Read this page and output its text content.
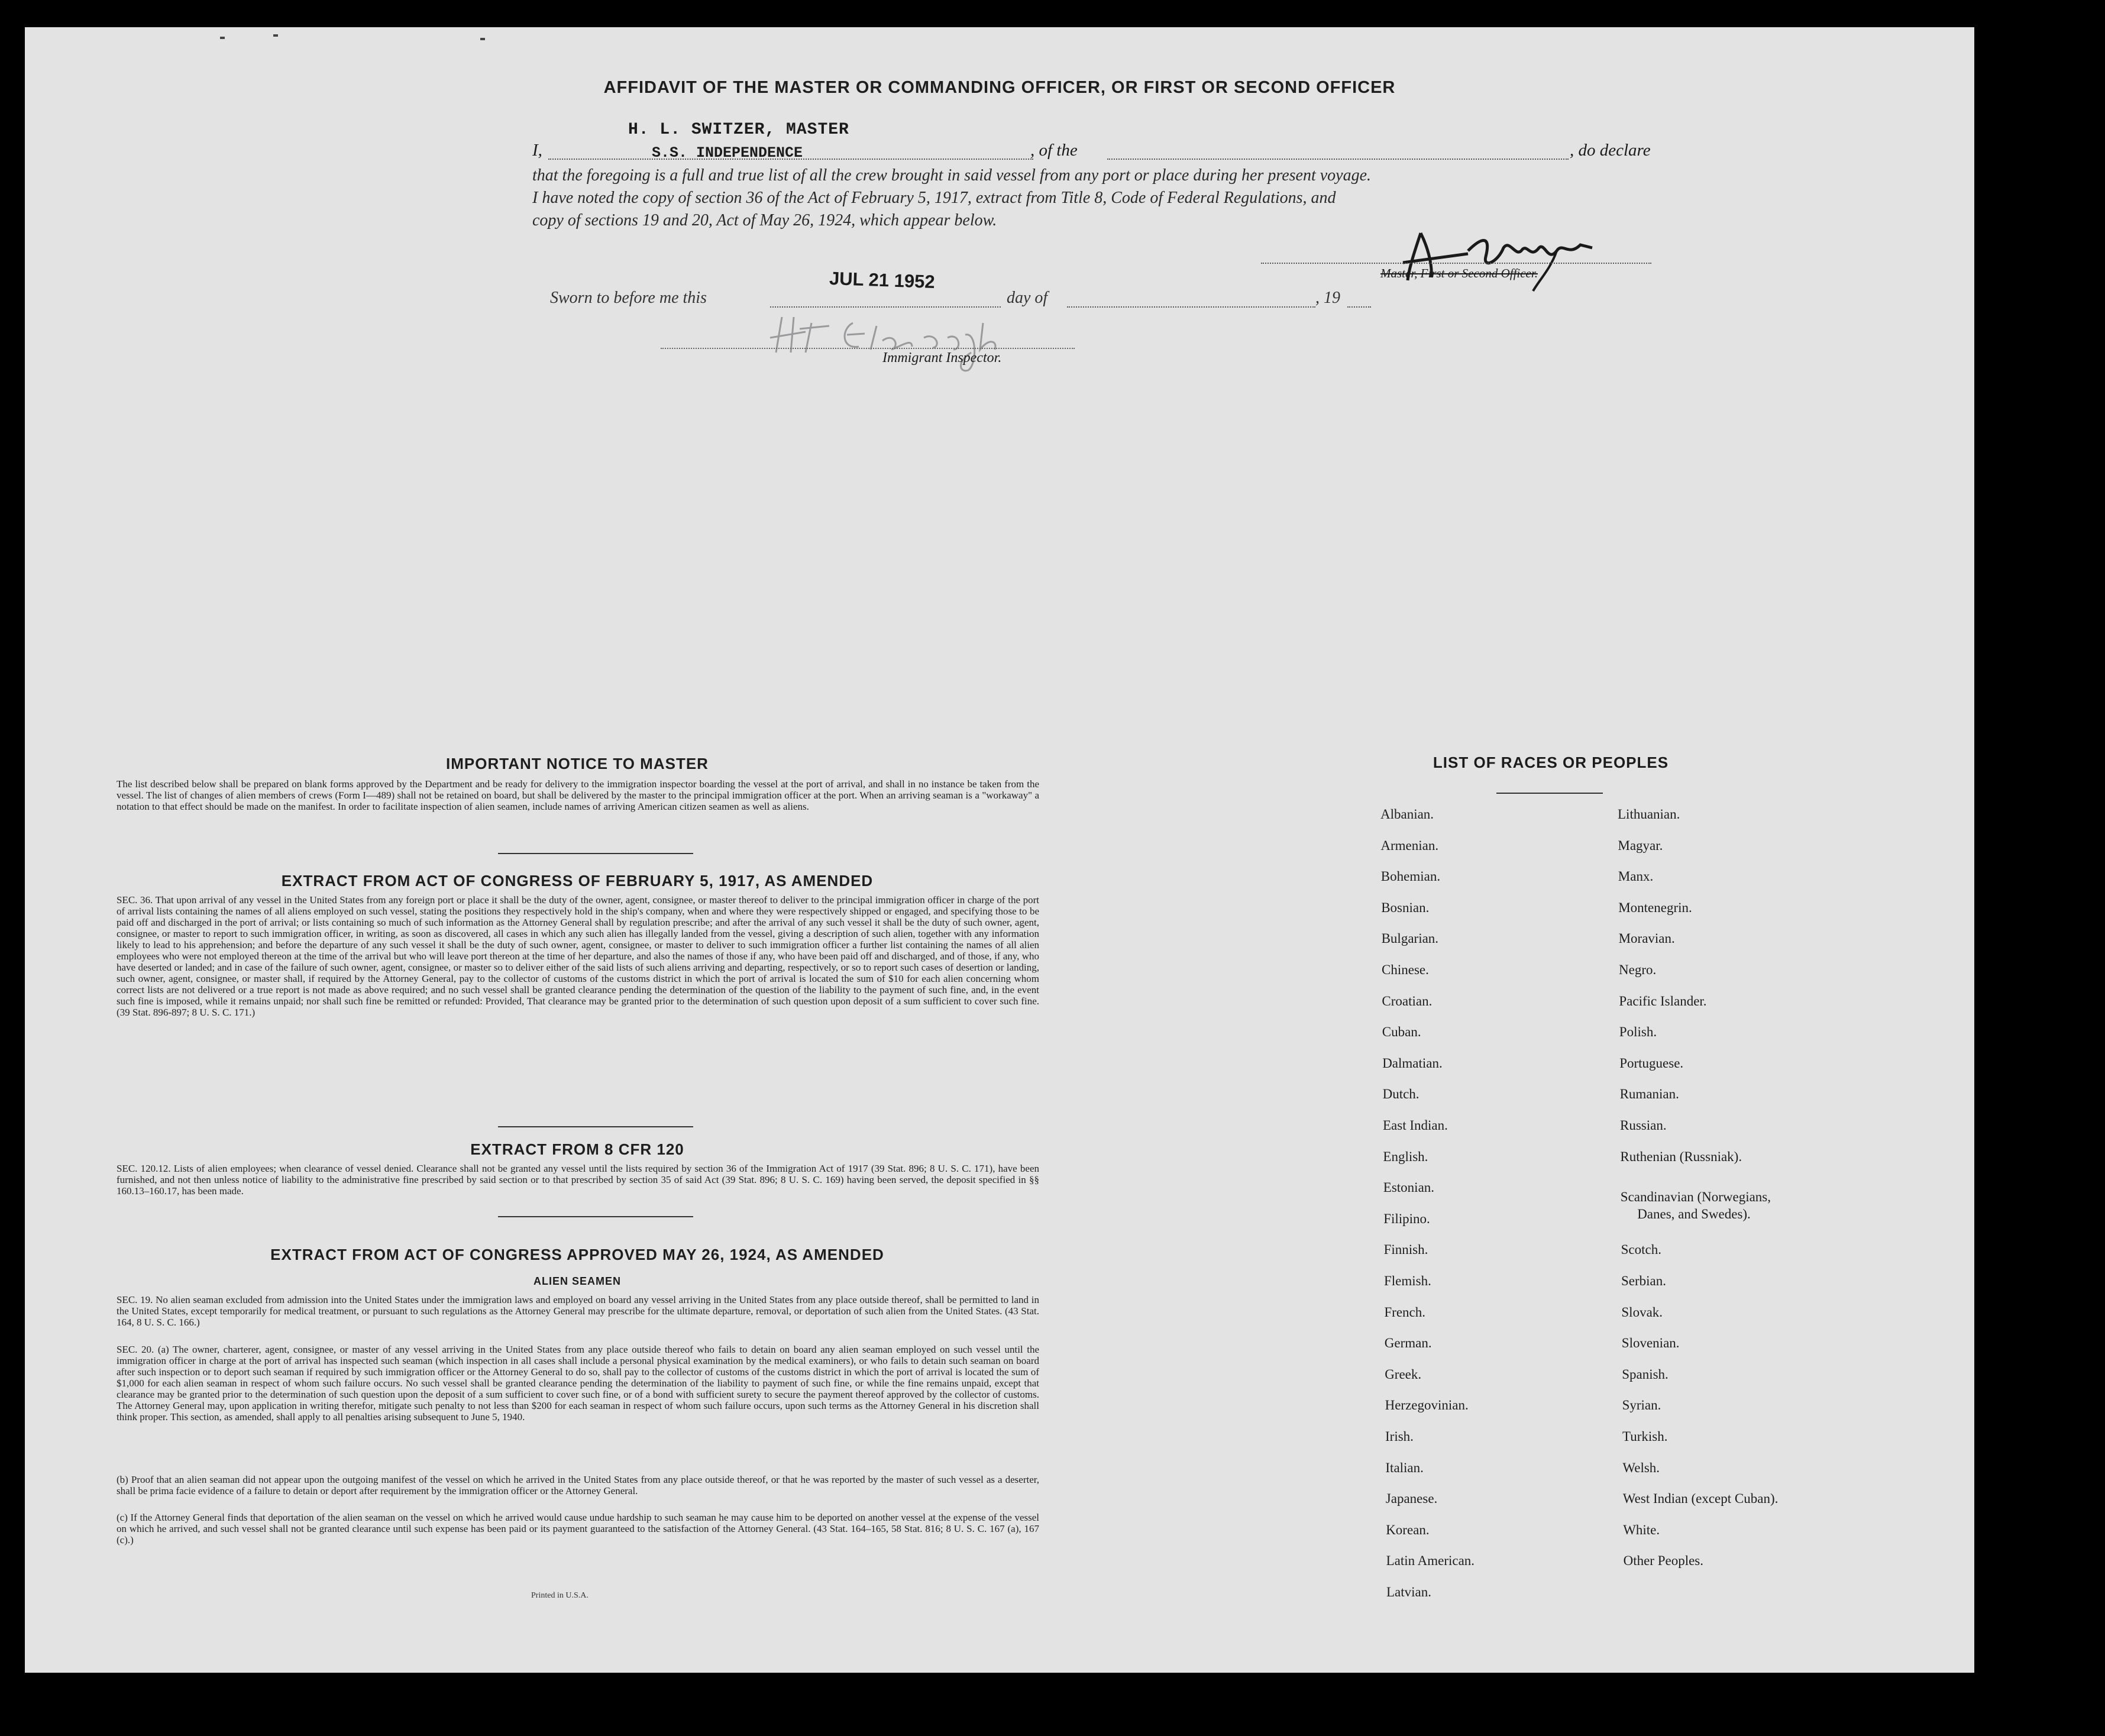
AFFIDAVIT OF THE MASTER OR COMMANDING OFFICER, OR FIRST OR SECOND OFFICER
H. L. SWITZER, MASTER
I,	S.S. INDEPENDENCE	, of the	, do declare
that the foregoing is a full and true list of all the crew brought in said vessel from any port or place during her present voyage.
I have noted the copy of section 36 of the Act of February 5, 1917, extract from Title 8, Code of Federal Regulations, and
copy of sections 19 and 20, Act of May 26, 1924, which appear below.
Master, First or Second Officer.
JUL 21 1952
Sworn to before me this	day of	, 19
Immigrant Inspector.
IMPORTANT NOTICE TO MASTER
The list described below shall be prepared on blank forms approved by the Department and be ready for delivery to the immigration inspector boarding the vessel at the port of arrival, and shall in no instance be taken from the vessel. The list of changes of alien members of crews (Form I—489) shall not be retained on board, but shall be delivered by the master to the principal immigration officer at the port. When an arriving seaman is a "workaway" a notation to that effect should be made on the manifest. In order to facilitate inspection of alien seamen, include names of arriving American citizen seamen as well as aliens.
EXTRACT FROM ACT OF CONGRESS OF FEBRUARY 5, 1917, AS AMENDED
SEC. 36. That upon arrival of any vessel in the United States from any foreign port or place it shall be the duty of the owner, agent, consignee, or master thereof to deliver to the principal immigration officer in charge of the port of arrival lists containing the names of all aliens employed on such vessel, stating the positions they respectively hold in the ship's company, when and where they were respectively shipped or engaged, and specifying those to be paid off and discharged in the port of arrival; or lists containing so much of such information as the Attorney General shall by regulation prescribe; and after the arrival of any such vessel it shall be the duty of such owner, agent, consignee, or master to report to such immigration officer, in writing, as soon as discovered, all cases in which any such alien has illegally landed from the vessel, giving a description of such alien, together with any information likely to lead to his apprehension; and before the departure of any such vessel it shall be the duty of such owner, agent, consignee, or master to deliver to such immigration officer a further list containing the names of all alien employees who were not employed thereon at the time of the arrival but who will leave port thereon at the time of her departure, and also the names of those if any, who have been paid off and discharged, and of those, if any, who have deserted or landed; and in case of the failure of such owner, agent, consignee, or master so to deliver either of the said lists of such aliens arriving and departing, respectively, or so to report such cases of desertion or landing, such owner, agent, consignee, or master shall, if required by the Attorney General, pay to the collector of customs of the customs district in which the port of arrival is located the sum of $10 for each alien concerning whom correct lists are not delivered or a true report is not made as above required; and no such vessel shall be granted clearance pending the determination of the question of the liability to the payment of such fine, and, in the event such fine is imposed, while it remains unpaid; nor shall such fine be remitted or refunded: Provided, That clearance may be granted prior to the determination of such question upon deposit of a sum sufficient to cover such fine. (39 Stat. 896-897; 8 U. S. C. 171.)
EXTRACT FROM 8 CFR 120
SEC. 120.12. Lists of alien employees; when clearance of vessel denied. Clearance shall not be granted any vessel until the lists required by section 36 of the Immigration Act of 1917 (39 Stat. 896; 8 U. S. C. 171), have been furnished, and not then unless notice of liability to the administrative fine prescribed by said section or to that prescribed by section 35 of said Act (39 Stat. 896; 8 U. S. C. 169) having been served, the deposit specified in §§ 160.13–160.17, has been made.
EXTRACT FROM ACT OF CONGRESS APPROVED MAY 26, 1924, AS AMENDED
ALIEN SEAMEN
SEC. 19. No alien seaman excluded from admission into the United States under the immigration laws and employed on board any vessel arriving in the United States from any place outside thereof, shall be permitted to land in the United States, except temporarily for medical treatment, or pursuant to such regulations as the Attorney General may prescribe for the ultimate departure, removal, or deportation of such alien from the United States. (43 Stat. 164, 8 U. S. C. 166.)
SEC. 20. (a) The owner, charterer, agent, consignee, or master of any vessel arriving in the United States from any place outside thereof who fails to detain on board any alien seaman employed on such vessel until the immigration officer in charge at the port of arrival has inspected such seaman (which inspection in all cases shall include a personal physical examination by the medical examiners), or who fails to detain such seaman on board after such inspection or to deport such seaman if required by such immigration officer or the Attorney General to do so, shall pay to the collector of customs of the customs district in which the port of arrival is located the sum of $1,000 for each alien seaman in respect of whom such failure occurs. No such vessel shall be granted clearance pending the determination of the liability to payment of such fine, or while the fine remains unpaid, except that clearance may be granted prior to the determination of such question upon the deposit of a sum sufficient to cover such fine, or of a bond with sufficient surety to secure the payment thereof approved by the collector of customs. The Attorney General may, upon application in writing therefor, mitigate such penalty to not less than $200 for each seaman in respect of whom such failure occurs, upon such terms as the Attorney General in his discretion shall think proper. This section, as amended, shall apply to all penalties arising subsequent to June 5, 1940.
(b) Proof that an alien seaman did not appear upon the outgoing manifest of the vessel on which he arrived in the United States from any place outside thereof, or that he was reported by the master of such vessel as a deserter, shall be prima facie evidence of a failure to detain or deport after requirement by the immigration officer or the Attorney General.
(c) If the Attorney General finds that deportation of the alien seaman on the vessel on which he arrived would cause undue hardship to such seaman he may cause him to be deported on another vessel at the expense of the vessel on which he arrived, and such vessel shall not be granted clearance until such expense has been paid or its payment guaranteed to the satisfaction of the Attorney General. (43 Stat. 164–165, 58 Stat. 816; 8 U. S. C. 167 (a), 167 (c).)
Printed in U.S.A.
LIST OF RACES OR PEOPLES
Albanian.
Armenian.
Bohemian.
Bosnian.
Bulgarian.
Chinese.
Croatian.
Cuban.
Dalmatian.
Dutch.
East Indian.
English.
Estonian.
Filipino.
Finnish.
Flemish.
French.
German.
Greek.
Herzegovinian.
Irish.
Italian.
Japanese.
Korean.
Latin American.
Latvian.
Lithuanian.
Magyar.
Manx.
Montenegrin.
Moravian.
Negro.
Pacific Islander.
Polish.
Portuguese.
Rumanian.
Russian.
Ruthenian (Russniak).
Scandinavian (Norwegians,
Danes, and Swedes).
Scotch.
Serbian.
Slovak.
Slovenian.
Spanish.
Syrian.
Turkish.
Welsh.
West Indian (except Cuban).
White.
Other Peoples.
